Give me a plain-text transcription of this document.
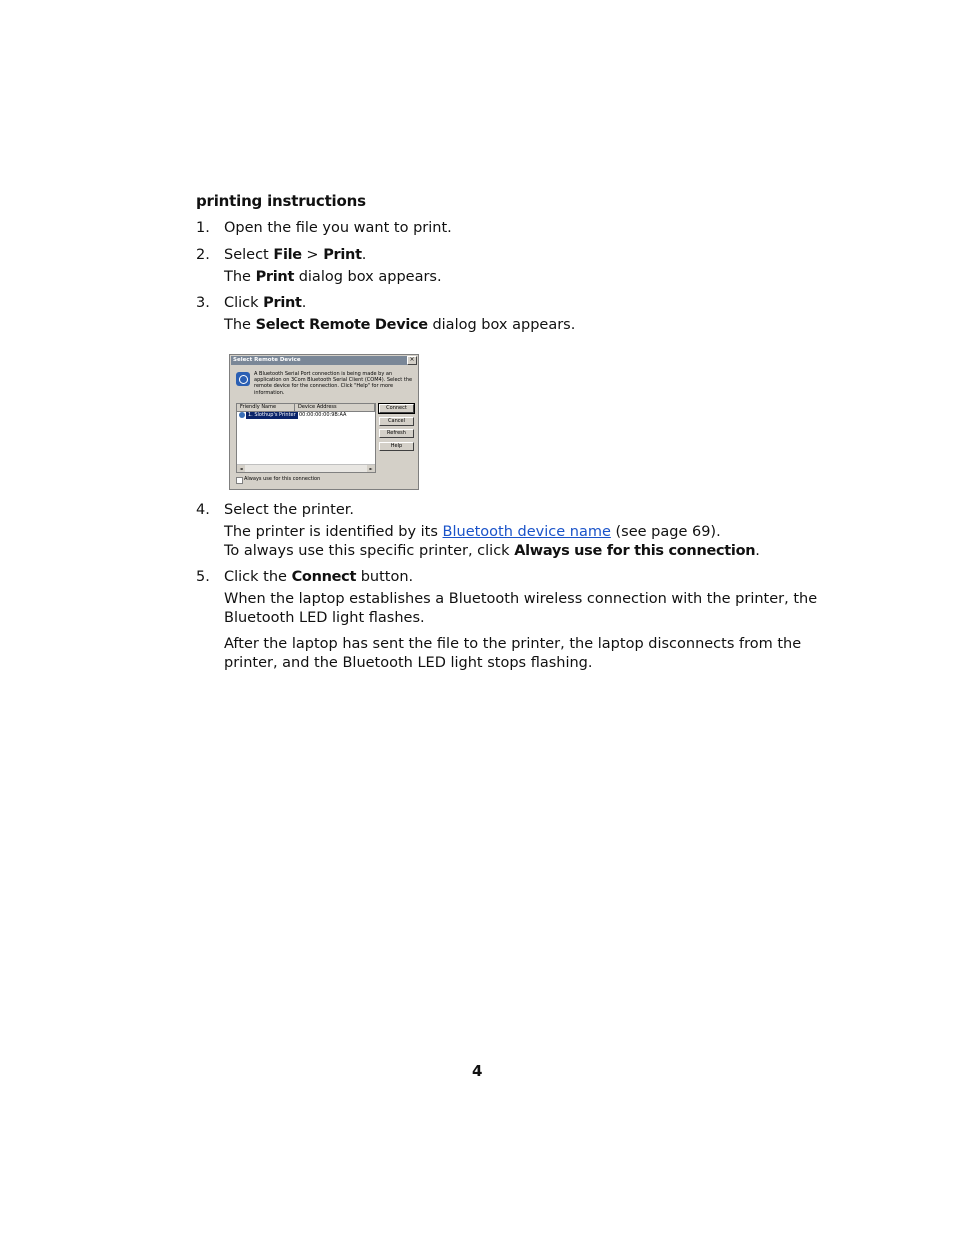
printing instructions
1. Open the file you want to print.
2. Select File > Print.
The Print dialog box appears.
3. Click Print.
The Select Remote Device dialog box appears.
Select Remote Device	×
A Bluetooth Serial Port connection is being made by an application on 3Com Bluetooth Serial Client (COM4). Select the remote device for the connection. Click "Help" for more information.
Friendly Name	Device Address
1. Slothup's Printer 00:00:00:00:9B:AA
◄	►
Connect
Cancel
Refresh
Help
Always use for this connection
4. Select the printer.
The printer is identified by its Bluetooth device name (see page 69).
To always use this specific printer, click Always use for this connection.
5. Click the Connect button.
When the laptop establishes a Bluetooth wireless connection with the printer, the
Bluetooth LED light flashes.
After the laptop has sent the file to the printer, the laptop disconnects from the
printer, and the Bluetooth LED light stops flashing.
4
